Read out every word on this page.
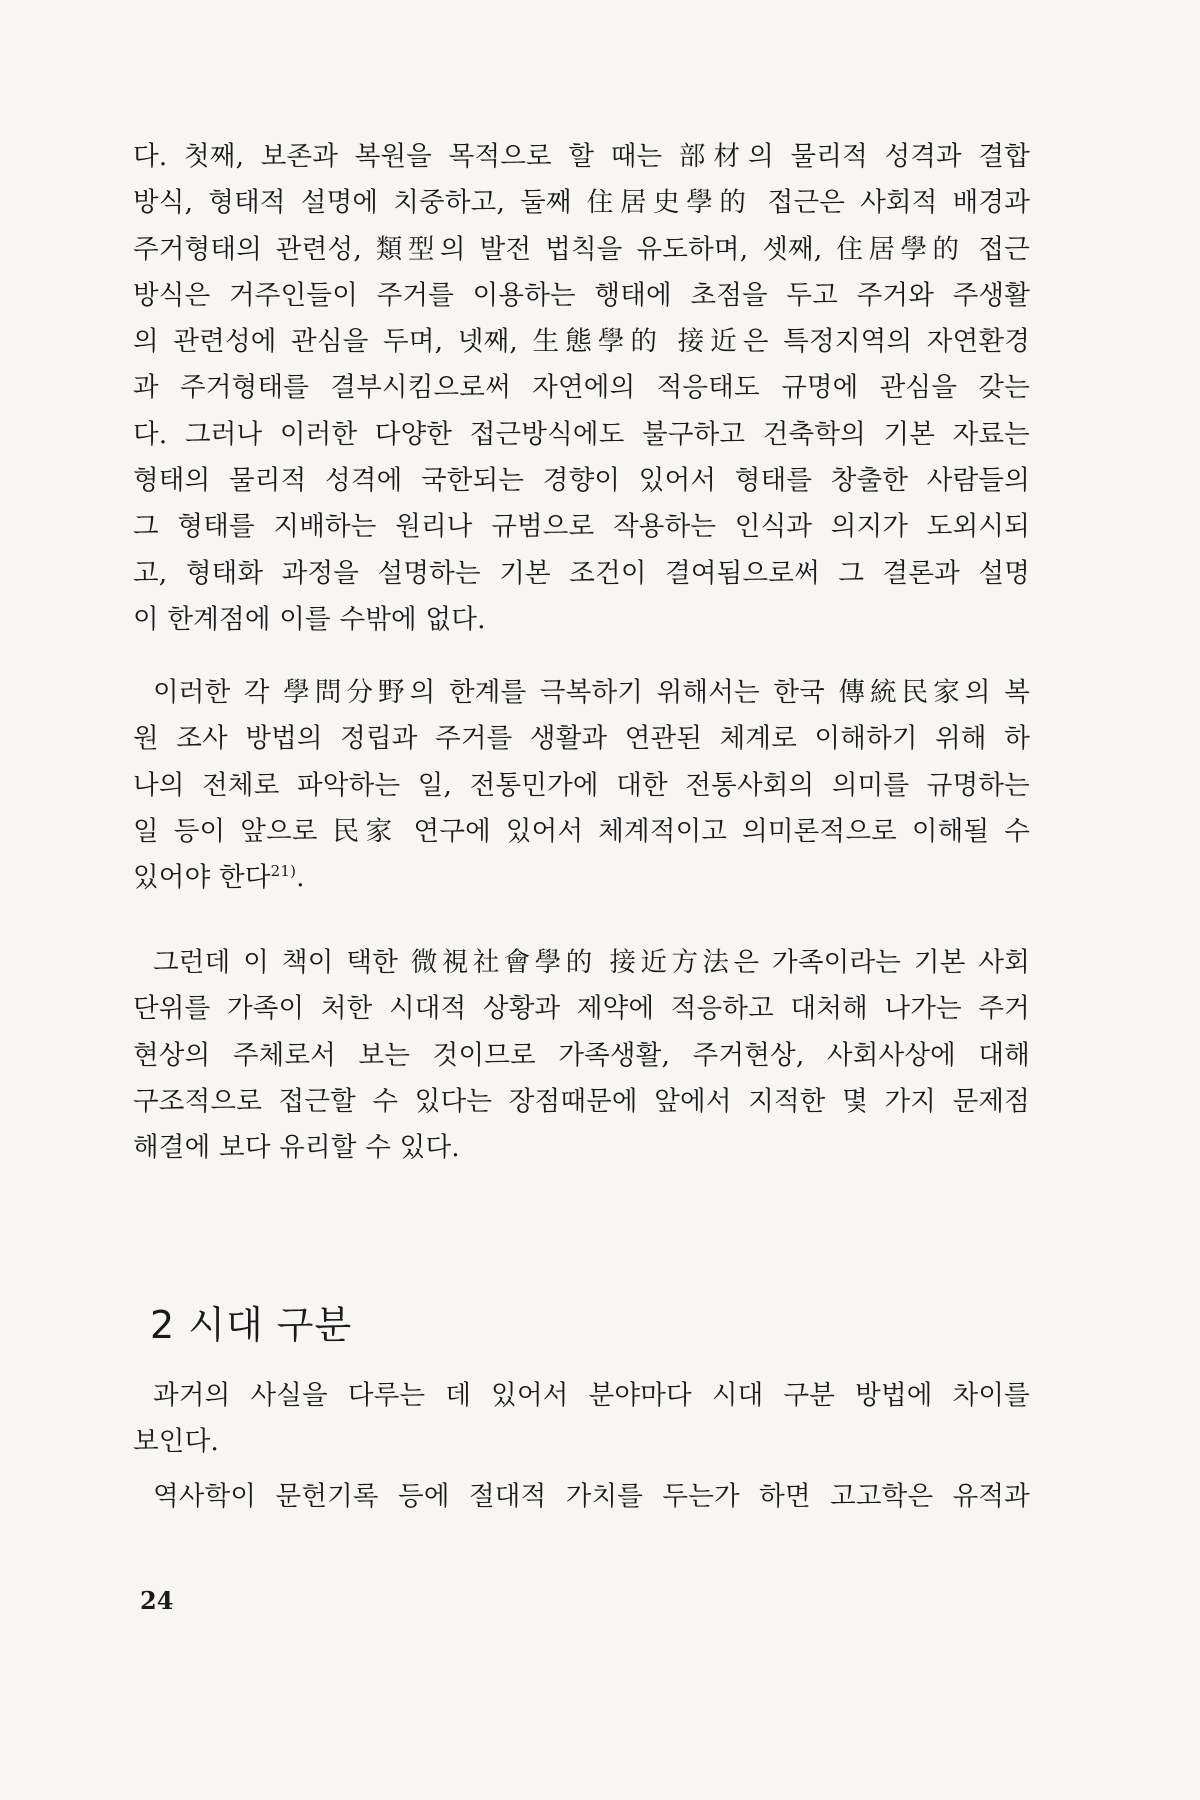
다. 첫째, 보존과 복원을 목적으로 할 때는 部材의 물리적 성격과 결합
방식, 형태적 설명에 치중하고, 둘째 住居史學的 접근은 사회적 배경과
주거형태의 관련성, 類型의 발전 법칙을 유도하며, 셋째, 住居學的 접근
방식은 거주인들이 주거를 이용하는 행태에 초점을 두고 주거와 주생활
의 관련성에 관심을 두며, 넷째, 生態學的 接近은 특정지역의 자연환경
과 주거형태를 결부시킴으로써 자연에의 적응태도 규명에 관심을 갖는
다. 그러나 이러한 다양한 접근방식에도 불구하고 건축학의 기본 자료는
형태의 물리적 성격에 국한되는 경향이 있어서 형태를 창출한 사람들의
그 형태를 지배하는 원리나 규범으로 작용하는 인식과 의지가 도외시되
고, 형태화 과정을 설명하는 기본 조건이 결여됨으로써 그 결론과 설명
이 한계점에 이를 수밖에 없다.
이러한 각 學問分野의 한계를 극복하기 위해서는 한국 傳統民家의 복
원 조사 방법의 정립과 주거를 생활과 연관된 체계로 이해하기 위해 하
나의 전체로 파악하는 일, 전통민가에 대한 전통사회의 의미를 규명하는
일 등이 앞으로 民家 연구에 있어서 체계적이고 의미론적으로 이해될 수
있어야 한다$^{21)}$.
그런데 이 책이 택한 微視社會學的 接近方法은 가족이라는 기본 사회
단위를 가족이 처한 시대적 상황과 제약에 적응하고 대처해 나가는 주거
현상의 주체로서 보는 것이므로 가족생활, 주거현상, 사회사상에 대해
구조적으로 접근할 수 있다는 장점때문에 앞에서 지적한 몇 가지 문제점
해결에 보다 유리할 수 있다.
2 시대 구분
과거의 사실을 다루는 데 있어서 분야마다 시대 구분 방법에 차이를
보인다.
역사학이 문헌기록 등에 절대적 가치를 두는가 하면 고고학은 유적과
24
